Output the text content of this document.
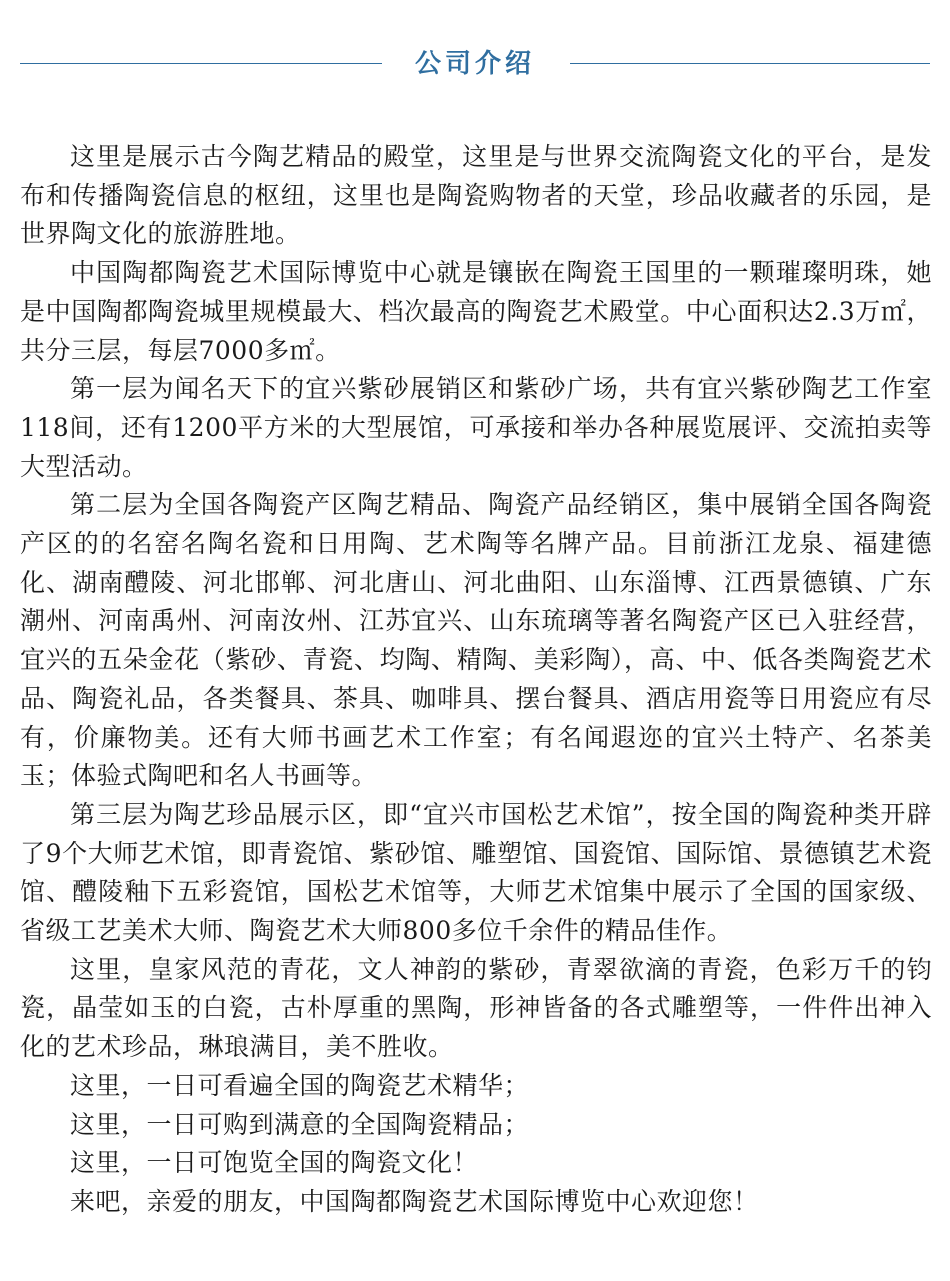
公司介绍

这里是展示古今陶艺精品的殿堂，这里是与世界交流陶瓷文化的平台，是发布和传播陶瓷信息的枢纽，这里也是陶瓷购物者的天堂，珍品收藏者的乐园，是世界陶文化的旅游胜地。

中国陶都陶瓷艺术国际博览中心就是镶嵌在陶瓷王国里的一颗璀璨明珠，她是中国陶都陶瓷城里规模最大、档次最高的陶瓷艺术殿堂。中心面积达2.3万㎡，共分三层，每层7000多㎡。

第一层为闻名天下的宜兴紫砂展销区和紫砂广场，共有宜兴紫砂陶艺工作室118间，还有1200平方米的大型展馆，可承接和举办各种展览展评、交流拍卖等大型活动。

第二层为全国各陶瓷产区陶艺精品、陶瓷产品经销区，集中展销全国各陶瓷产区的的名窑名陶名瓷和日用陶、艺术陶等名牌产品。目前浙江龙泉、福建德化、湖南醴陵、河北邯郸、河北唐山、河北曲阳、山东淄博、江西景德镇、广东潮州、河南禹州、河南汝州、江苏宜兴、山东琉璃等著名陶瓷产区已入驻经营，宜兴的五朵金花（紫砂、青瓷、均陶、精陶、美彩陶），高、中、低各类陶瓷艺术品、陶瓷礼品，各类餐具、茶具、咖啡具、摆台餐具、酒店用瓷等日用瓷应有尽有，价廉物美。还有大师书画艺术工作室；有名闻遐迩的宜兴土特产、名茶美玉；体验式陶吧和名人书画等。

第三层为陶艺珍品展示区，即“宜兴市国松艺术馆”，按全国的陶瓷种类开辟了9个大师艺术馆，即青瓷馆、紫砂馆、雕塑馆、国瓷馆、国际馆、景德镇艺术瓷馆、醴陵釉下五彩瓷馆，国松艺术馆等，大师艺术馆集中展示了全国的国家级、省级工艺美术大师、陶瓷艺术大师800多位千余件的精品佳作。

这里，皇家风范的青花，文人神韵的紫砂，青翠欲滴的青瓷，色彩万千的钧瓷，晶莹如玉的白瓷，古朴厚重的黑陶，形神皆备的各式雕塑等，一件件出神入化的艺术珍品，琳琅满目，美不胜收。

这里，一日可看遍全国的陶瓷艺术精华；

这里，一日可购到满意的全国陶瓷精品；

这里，一日可饱览全国的陶瓷文化！

来吧，亲爱的朋友，中国陶都陶瓷艺术国际博览中心欢迎您！
